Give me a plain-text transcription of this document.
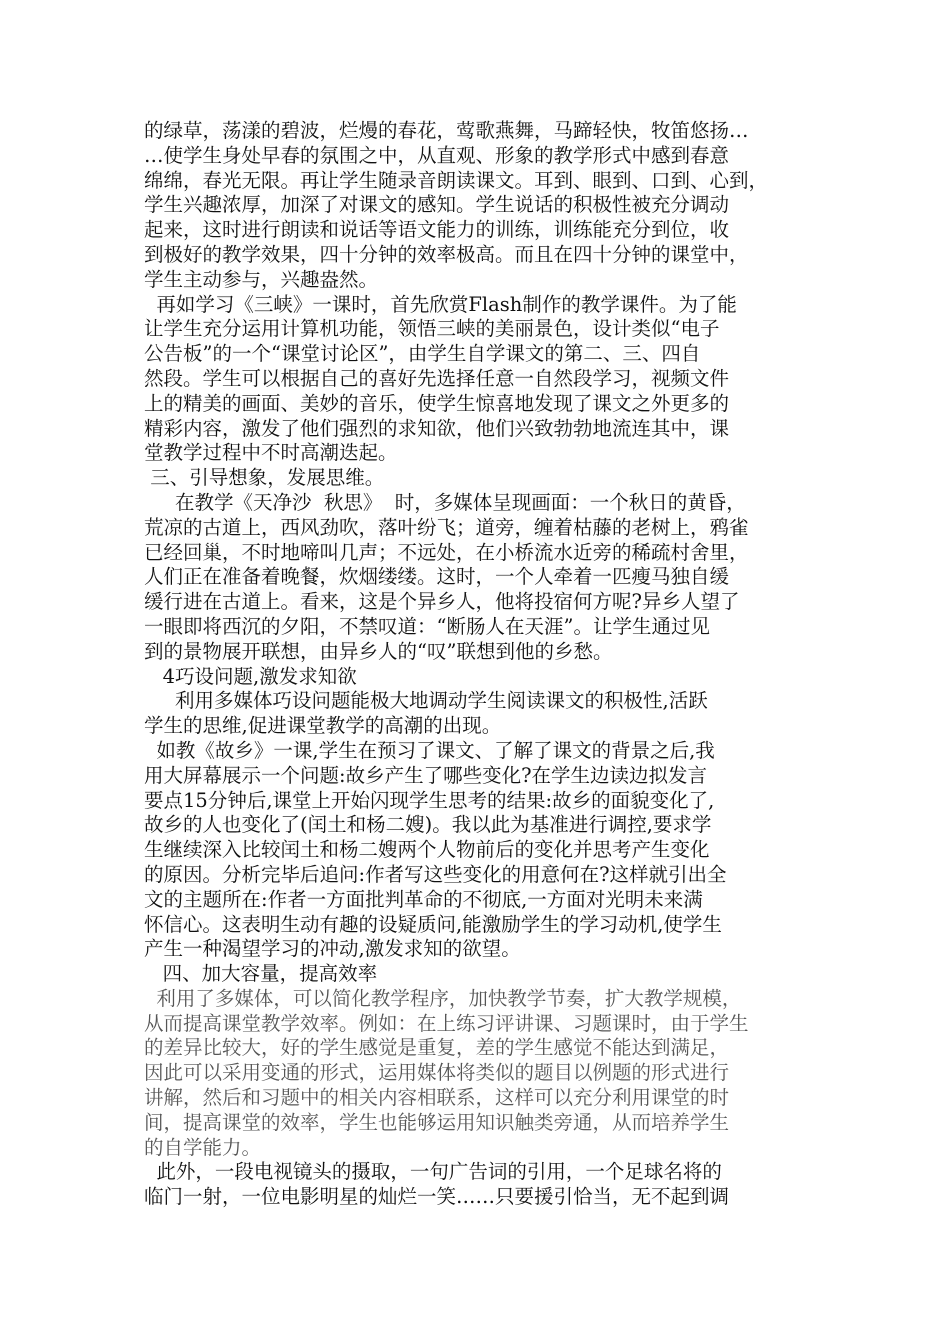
的绿草，荡漾的碧波，烂熳的春花，莺歌燕舞，马蹄轻快，牧笛悠扬…
…使学生身处早春的氛围之中，从直观、形象的教学形式中感到春意
绵绵，春光无限。再让学生随录音朗读课文。耳到、眼到、口到、心到，
学生兴趣浓厚，加深了对课文的感知。学生说话的积极性被充分调动
起来，这时进行朗读和说话等语文能力的训练，训练能充分到位，收
到极好的教学效果，四十分钟的效率极高。而且在四十分钟的课堂中，
学生主动参与，兴趣盎然。
再如学习《三峡》一课时，首先欣赏Flash制作的教学课件。为了能
让学生充分运用计算机功能，领悟三峡的美丽景色，设计类似“电子
公告板”的一个“课堂讨论区”，由学生自学课文的第二、三、四自
然段。学生可以根据自己的喜好先选择任意一自然段学习，视频文件
上的精美的画面、美妙的音乐，使学生惊喜地发现了课文之外更多的
精彩内容，激发了他们强烈的求知欲，他们兴致勃勃地流连其中，课
堂教学过程中不时高潮迭起。
三、引导想象，发展思维。
在教学《天净沙  秋思》  时，多媒体呈现画面：一个秋日的黄昏，
荒凉的古道上，西风劲吹，落叶纷飞；道旁，缠着枯藤的老树上，鸦雀
已经回巢，不时地啼叫几声；不远处，在小桥流水近旁的稀疏村舍里，
人们正在准备着晚餐，炊烟缕缕。这时，一个人牵着一匹瘦马独自缓
缓行进在古道上。看来，这是个异乡人，他将投宿何方呢?异乡人望了
一眼即将西沉的夕阳，不禁叹道：“断肠人在天涯”。让学生通过见
到的景物展开联想，由异乡人的“叹”联想到他的乡愁。
4巧设问题,激发求知欲
利用多媒体巧设问题能极大地调动学生阅读课文的积极性,活跃
学生的思维,促进课堂教学的高潮的出现。
如教《故乡》一课,学生在预习了课文、了解了课文的背景之后,我
用大屏幕展示一个问题:故乡产生了哪些变化?在学生边读边拟发言
要点15分钟后,课堂上开始闪现学生思考的结果:故乡的面貌变化了,
故乡的人也变化了(闰土和杨二嫂)。我以此为基准进行调控,要求学
生继续深入比较闰土和杨二嫂两个人物前后的变化并思考产生变化
的原因。分析完毕后追问:作者写这些变化的用意何在?这样就引出全
文的主题所在:作者一方面批判革命的不彻底,一方面对光明未来满
怀信心。这表明生动有趣的设疑质问,能激励学生的学习动机,使学生
产生一种渴望学习的冲动,激发求知的欲望。
四、加大容量，提高效率
利用了多媒体，可以简化教学程序，加快教学节奏，扩大教学规模，
从而提高课堂教学效率。例如：在上练习评讲课、习题课时，由于学生
的差异比较大，好的学生感觉是重复，差的学生感觉不能达到满足，
因此可以采用变通的形式，运用媒体将类似的题目以例题的形式进行
讲解，然后和习题中的相关内容相联系，这样可以充分利用课堂的时
间，提高课堂的效率，学生也能够运用知识触类旁通，从而培养学生
的自学能力。
此外，一段电视镜头的摄取，一句广告词的引用，一个足球名将的
临门一射，一位电影明星的灿烂一笑……只要援引恰当，无不起到调
